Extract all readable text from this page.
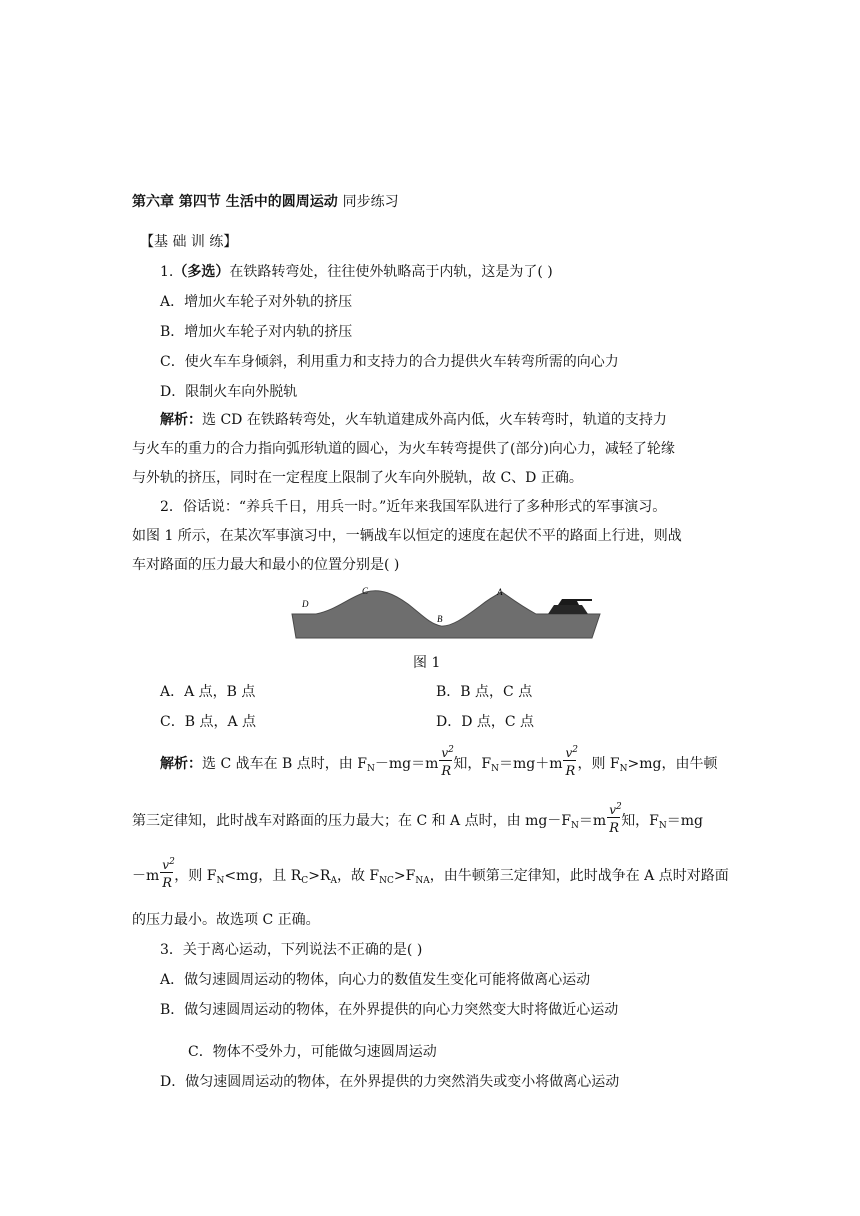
第六章 第四节 生活中的圆周运动 同步练习
【基 础 训 练】
1.（多选）在铁路转弯处，往往使外轨略高于内轨，这是为了( )
A．增加火车轮子对外轨的挤压
B．增加火车轮子对内轨的挤压
C．使火车车身倾斜，利用重力和支持力的合力提供火车转弯所需的向心力
D．限制火车向外脱轨
解析：选 CD 在铁路转弯处，火车轨道建成外高内低，火车转弯时，轨道的支持力
与火车的重力的合力指向弧形轨道的圆心，为火车转弯提供了(部分)向心力，减轻了轮缘
与外轨的挤压，同时在一定程度上限制了火车向外脱轨，故 C、D 正确。
2．俗话说：“养兵千日，用兵一时。”近年来我国军队进行了多种形式的军事演习。
如图 1 所示，在某次军事演习中，一辆战车以恒定的速度在起伏不平的路面上行进，则战
车对路面的压力最大和最小的位置分别是( )
D
C
B
A
图 1
A．A 点，B 点	B．B 点，C 点
C．B 点，A 点	D．D 点，C 点
解析：选 C 战车在 B 点时，由 $F_N-mg=m \frac{v^2}{R}$ 知，$F_N=mg+m \frac{v^2}{R}$ ，则 $F_N>mg$，由牛顿
第三定律知，此时战车对路面的压力最大；在 C 和 A 点时，由 $mg-F_N=m \frac{v^2}{R}$ 知，$F_N=mg$
$-m \frac{v^2}{R}$ ，则 $F_N<mg$，且 $R_C>R_A$，故 $F_{NC}>F_{NA}$，由牛顿第三定律知，此时战争在 A 点时对路面
的压力最小。故选项 C 正确。
3．关于离心运动，下列说法不正确的是( )
A．做匀速圆周运动的物体，向心力的数值发生变化可能将做离心运动
B．做匀速圆周运动的物体，在外界提供的向心力突然变大时将做近心运动
C．物体不受外力，可能做匀速圆周运动
D．做匀速圆周运动的物体，在外界提供的力突然消失或变小将做离心运动
